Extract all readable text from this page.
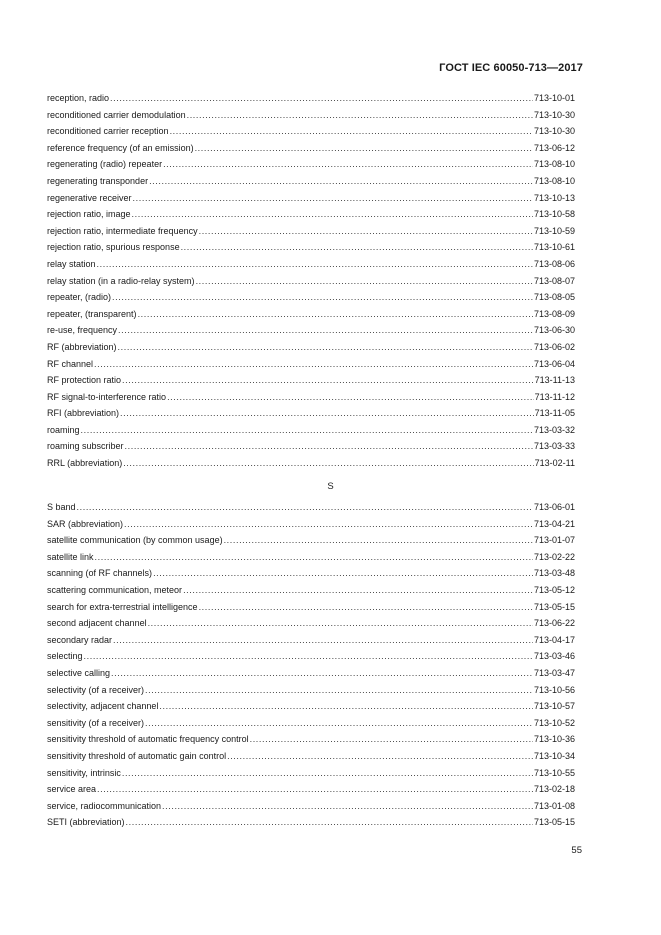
ГОСТ IEC 60050-713—2017
reception, radio .....	713-10-01
reconditioned carrier demodulation .....	713-10-30
reconditioned carrier reception .....	713-10-30
reference frequency (of an emission) .....	713-06-12
regenerating (radio) repeater .....	713-08-10
regenerating transponder .....	713-08-10
regenerative receiver .....	713-10-13
rejection ratio, image .....	713-10-58
rejection ratio, intermediate frequency .....	713-10-59
rejection ratio, spurious response .....	713-10-61
relay station .....	713-08-06
relay station (in a radio-relay system) .....	713-08-07
repeater, (radio) .....	713-08-05
repeater, (transparent) .....	713-08-09
re-use, frequency .....	713-06-30
RF (abbreviation) .....	713-06-02
RF channel .....	713-06-04
RF protection ratio .....	713-11-13
RF signal-to-interference ratio .....	713-11-12
RFI (abbreviation) .....	713-11-05
roaming .....	713-03-32
roaming subscriber .....	713-03-33
RRL (abbreviation) .....	713-02-11
S
S band .....	713-06-01
SAR (abbreviation) .....	713-04-21
satellite communication (by common usage) .....	713-01-07
satellite link .....	713-02-22
scanning (of RF channels) .....	713-03-48
scattering communication, meteor .....	713-05-12
search for extra-terrestrial intelligence .....	713-05-15
second adjacent channel .....	713-06-22
secondary radar .....	713-04-17
selecting .....	713-03-46
selective calling .....	713-03-47
selectivity (of a receiver) .....	713-10-56
selectivity, adjacent channel .....	713-10-57
sensitivity (of a receiver) .....	713-10-52
sensitivity threshold of automatic frequency control .....	713-10-36
sensitivity threshold of automatic gain control .....	713-10-34
sensitivity, intrinsic .....	713-10-55
service area .....	713-02-18
service, radiocommunication .....	713-01-08
SETI (abbreviation) .....	713-05-15
55
